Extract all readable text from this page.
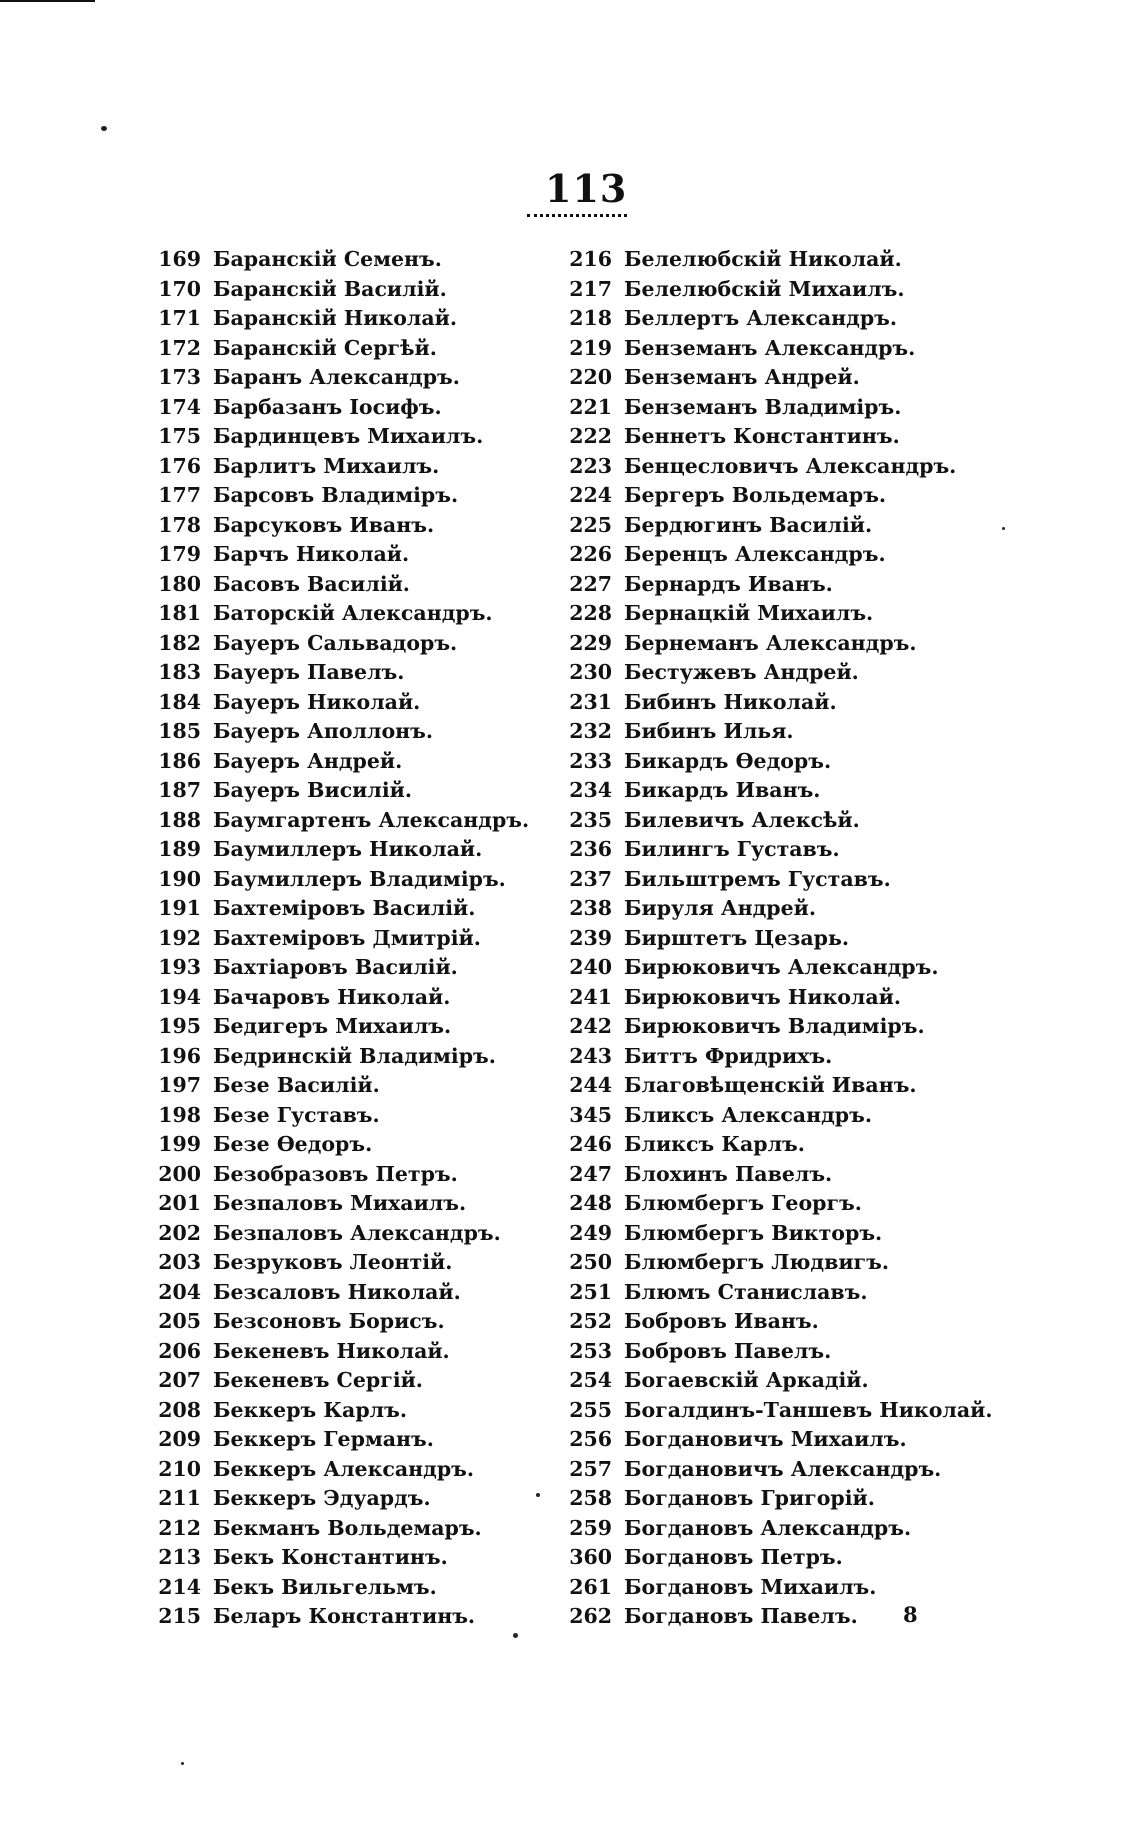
113
169 Баранскій Семенъ.
170 Баранскій Василій.
171 Баранскій Николай.
172 Баранскій Сергѣй.
173 Баранъ Александръ.
174 Барбазанъ Іосифъ.
175 Бардинцевъ Михаилъ.
176 Барлитъ Михаилъ.
177 Барсовъ Владиміръ.
178 Барсуковъ Иванъ.
179 Барчъ Николай.
180 Басовъ Василій.
181 Баторскій Александръ.
182 Бауеръ Сальвадоръ.
183 Бауеръ Павелъ.
184 Бауеръ Николай.
185 Бауеръ Аполлонъ.
186 Бауеръ Андрей.
187 Бауеръ Висилій.
188 Баумгартенъ Александръ.
189 Баумиллеръ Николай.
190 Баумиллеръ Владиміръ.
191 Бахтеміровъ Василій.
192 Бахтеміровъ Дмитрій.
193 Бахтіаровъ Василій.
194 Бачаровъ Николай.
195 Бедигеръ Михаилъ.
196 Бедринскій Владиміръ.
197 Безе Василій.
198 Безе Густавъ.
199 Безе Өедоръ.
200 Безобразовъ Петръ.
201 Безпаловъ Михаилъ.
202 Безпаловъ Александръ.
203 Безруковъ Леонтій.
204 Безсаловъ Николай.
205 Безсоновъ Борисъ.
206 Бекеневъ Николай.
207 Бекеневъ Сергій.
208 Беккеръ Карлъ.
209 Беккеръ Германъ.
210 Беккеръ Александръ.
211 Беккеръ Эдуардъ.
212 Бекманъ Вольдемаръ.
213 Бекъ Константинъ.
214 Бекъ Вильгельмъ.
215 Беларъ Константинъ.
216 Белелюбскій Николай.
217 Белелюбскій Михаилъ.
218 Беллертъ Александръ.
219 Бенземанъ Александръ.
220 Бенземанъ Андрей.
221 Бенземанъ Владиміръ.
222 Беннетъ Константинъ.
223 Бенцесловичъ Александръ.
224 Бергеръ Вольдемаръ.
225 Бердюгинъ Василій.
226 Беренцъ Александръ.
227 Бернардъ Иванъ.
228 Бернацкій Михаилъ.
229 Бернеманъ Александръ.
230 Бестужевъ Андрей.
231 Бибинъ Николай.
232 Бибинъ Илья.
233 Бикардъ Өедоръ.
234 Бикардъ Иванъ.
235 Билевичъ Алексѣй.
236 Билингъ Густавъ.
237 Бильштремъ Густавъ.
238 Бируля Андрей.
239 Бирштетъ Цезарь.
240 Бирюковичъ Александръ.
241 Бирюковичъ Николай.
242 Бирюковичъ Владиміръ.
243 Биттъ Фридрихъ.
244 Благовѣщенскій Иванъ.
345 Бликсъ Александръ.
246 Бликсъ Карлъ.
247 Блохинъ Павелъ.
248 Блюмбергъ Георгъ.
249 Блюмбергъ Викторъ.
250 Блюмбергъ Людвигъ.
251 Блюмъ Станиславъ.
252 Бобровъ Иванъ.
253 Бобровъ Павелъ.
254 Богаевскій Аркадій.
255 Богалдинъ-Таншевъ Николай.
256 Богдановичъ Михаилъ.
257 Богдановичъ Александръ.
258 Богдановъ Григорій.
259 Богдановъ Александръ.
360 Богдановъ Петръ.
261 Богдановъ Михаилъ.
262 Богдановъ Павелъ.	8
